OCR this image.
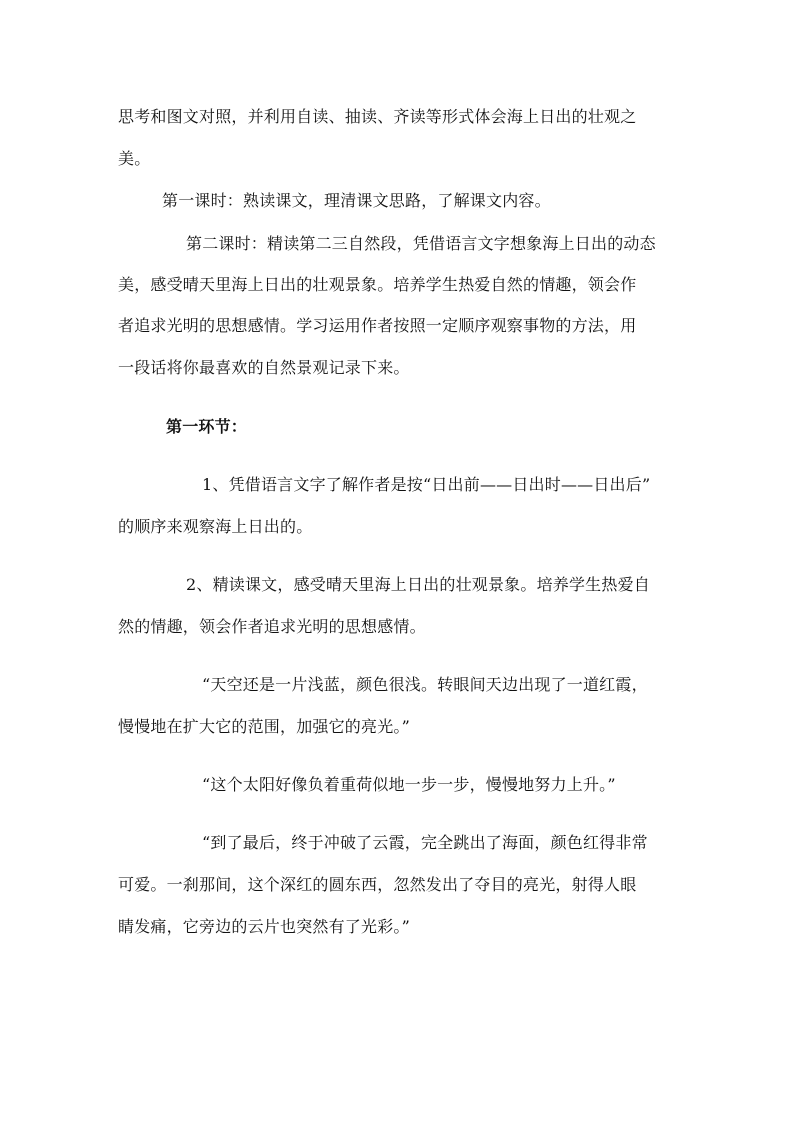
思考和图文对照，并利用自读、抽读、齐读等形式体会海上日出的壮观之
美。
第一课时：熟读课文，理清课文思路，了解课文内容。
第二课时：精读第二三自然段，凭借语言文字想象海上日出的动态
美，感受晴天里海上日出的壮观景象。培养学生热爱自然的情趣，领会作
者追求光明的思想感情。学习运用作者按照一定顺序观察事物的方法，用
一段话将你最喜欢的自然景观记录下来。
第一环节：
1、凭借语言文字了解作者是按“日出前——日出时——日出后”
的顺序来观察海上日出的。
2、精读课文，感受晴天里海上日出的壮观景象。培养学生热爱自
然的情趣，领会作者追求光明的思想感情。
“天空还是一片浅蓝，颜色很浅。转眼间天边出现了一道红霞，
慢慢地在扩大它的范围，加强它的亮光。”
“这个太阳好像负着重荷似地一步一步，慢慢地努力上升。”
“到了最后，终于冲破了云霞，完全跳出了海面，颜色红得非常
可爱。一刹那间，这个深红的圆东西，忽然发出了夺目的亮光，射得人眼
睛发痛，它旁边的云片也突然有了光彩。”
